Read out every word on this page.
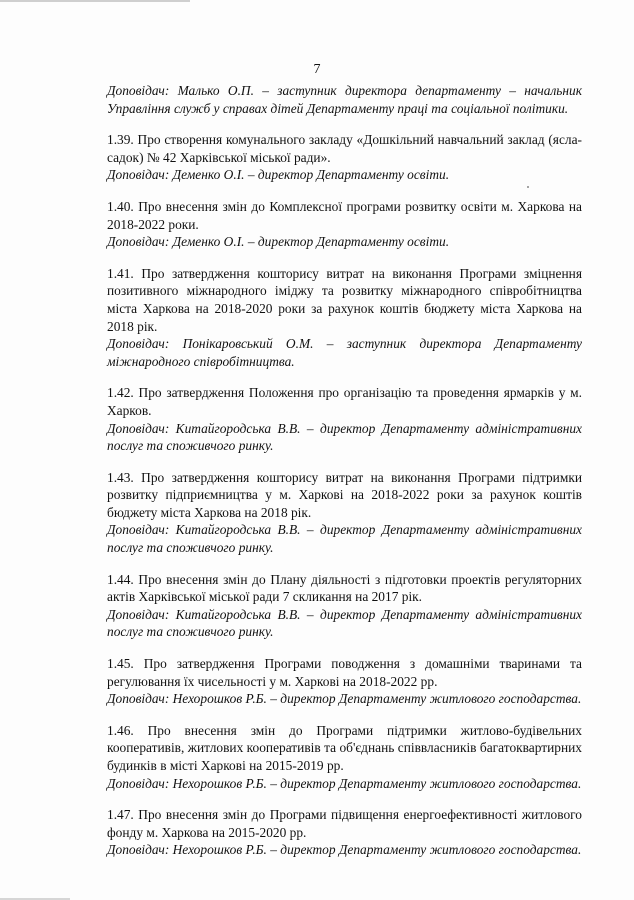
7
Доповідач: Малько О.П. – заступник директора департаменту – начальник Управління служб у справах дітей Департаменту праці та соціальної політики.
1.39. Про створення комунального закладу «Дошкільний навчальний заклад (ясла-садок) № 42 Харківської міської ради».
Доповідач: Деменко О.І. – директор Департаменту освіти.
1.40. Про внесення змін до Комплексної програми розвитку освіти м. Харкова на 2018-2022 роки.
Доповідач: Деменко О.І. – директор Департаменту освіти.
1.41. Про затвердження кошторису витрат на виконання Програми зміцнення позитивного міжнародного іміджу та розвитку міжнародного співробітництва міста Харкова на 2018-2020 роки за рахунок коштів бюджету міста Харкова на 2018 рік.
Доповідач: Понікаровський О.М. – заступник директора Департаменту міжнародного співробітництва.
1.42. Про затвердження Положення про організацію та проведення ярмарків у м. Харков.
Доповідач: Китайгородська В.В. – директор Департаменту адміністративних послуг та споживчого ринку.
1.43. Про затвердження кошторису витрат на виконання Програми підтримки розвитку підприємництва у м. Харкові на 2018-2022 роки за рахунок коштів бюджету міста Харкова на 2018 рік.
Доповідач: Китайгородська В.В. – директор Департаменту адміністративних послуг та споживчого ринку.
1.44. Про внесення змін до Плану діяльності з підготовки проектів регуляторних актів Харківської міської ради 7 скликання на 2017 рік.
Доповідач: Китайгородська В.В. – директор Департаменту адміністративних послуг та споживчого ринку.
1.45. Про затвердження Програми поводження з домашніми тваринами та регулювання їх чисельності у м. Харкові на 2018-2022 рр.
Доповідач: Нехорошков Р.Б. – директор Департаменту житлового господарства.
1.46. Про внесення змін до Програми підтримки житлово-будівельних кооперативів, житлових кооперативів та об'єднань співвласників багатоквартирних будинків в місті Харкові на 2015-2019 рр.
Доповідач: Нехорошков Р.Б. – директор Департаменту житлового господарства.
1.47. Про внесення змін до Програми підвищення енергоефективності житлового фонду м. Харкова на 2015-2020 рр.
Доповідач: Нехорошков Р.Б. – директор Департаменту житлового господарства.
